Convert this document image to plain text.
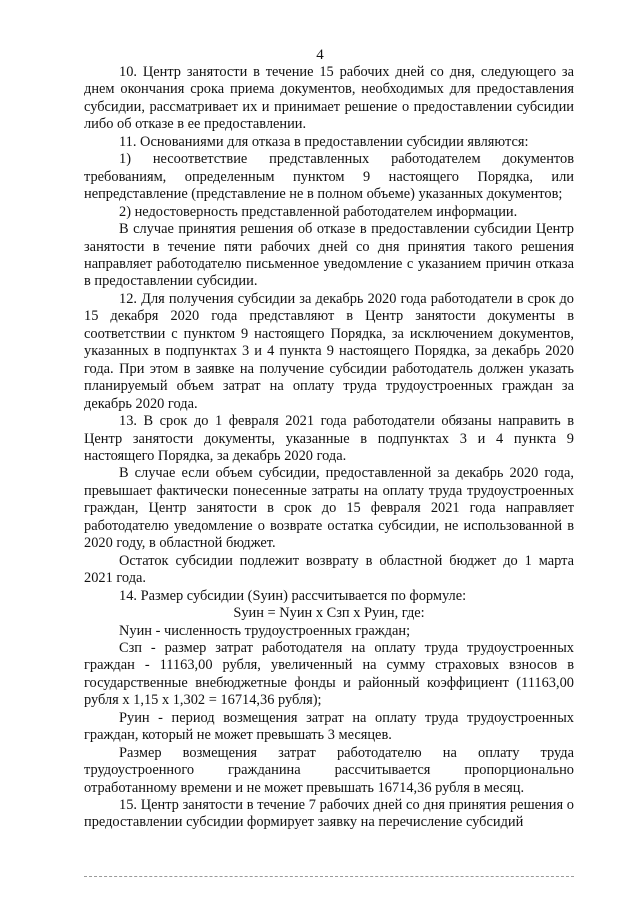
4

10. Центр занятости в течение 15 рабочих дней со дня, следующего за днем окончания срока приема документов, необходимых для предоставления субсидии, рассматривает их и принимает решение о предоставлении субсидии либо об отказе в ее предоставлении.

11. Основаниями для отказа в предоставлении субсидии являются:

1) несоответствие представленных работодателем документов требованиям, определенным пунктом 9 настоящего Порядка, или непредставление (представление не в полном объеме) указанных документов;

2) недостоверность представленной работодателем информации.

В случае принятия решения об отказе в предоставлении субсидии Центр занятости в течение пяти рабочих дней со дня принятия такого решения направляет работодателю письменное уведомление с указанием причин отказа в предоставлении субсидии.

12. Для получения субсидии за декабрь 2020 года работодатели в срок до 15 декабря 2020 года представляют в Центр занятости документы в соответствии с пунктом 9 настоящего Порядка, за исключением документов, указанных в подпунктах 3 и 4 пункта 9 настоящего Порядка, за декабрь 2020 года. При этом в заявке на получение субсидии работодатель должен указать планируемый объем затрат на оплату труда трудоустроенных граждан за декабрь 2020 года.

13. В срок до 1 февраля 2021 года работодатели обязаны направить в Центр занятости документы, указанные в подпунктах 3 и 4 пункта 9 настоящего Порядка, за декабрь 2020 года.

В случае если объем субсидии, предоставленной за декабрь 2020 года, превышает фактически понесенные затраты на оплату труда трудоустроенных граждан, Центр занятости в срок до 15 февраля 2021 года направляет работодателю уведомление о возврате остатка субсидии, не использованной в 2020 году, в областной бюджет.

Остаток субсидии подлежит возврату в областной бюджет до 1 марта 2021 года.

14. Размер субсидии (Sуин) рассчитывается по формуле:

Sуин = Nуин х Сзп х Руин, где:

Nуин - численность трудоустроенных граждан;

Сзп - размер затрат работодателя на оплату труда трудоустроенных граждан - 11163,00 рубля, увеличенный на сумму страховых взносов в государственные внебюджетные фонды и районный коэффициент (11163,00 рубля х 1,15 х 1,302 = 16714,36 рубля);

Руин - период возмещения затрат на оплату труда трудоустроенных граждан, который не может превышать 3 месяцев.

Размер возмещения затрат работодателю на оплату труда трудоустроенного гражданина рассчитывается пропорционально отработанному времени и не может превышать 16714,36 рубля в месяц.

15. Центр занятости в течение 7 рабочих дней со дня принятия решения о предоставлении субсидии формирует заявку на перечисление субсидий
